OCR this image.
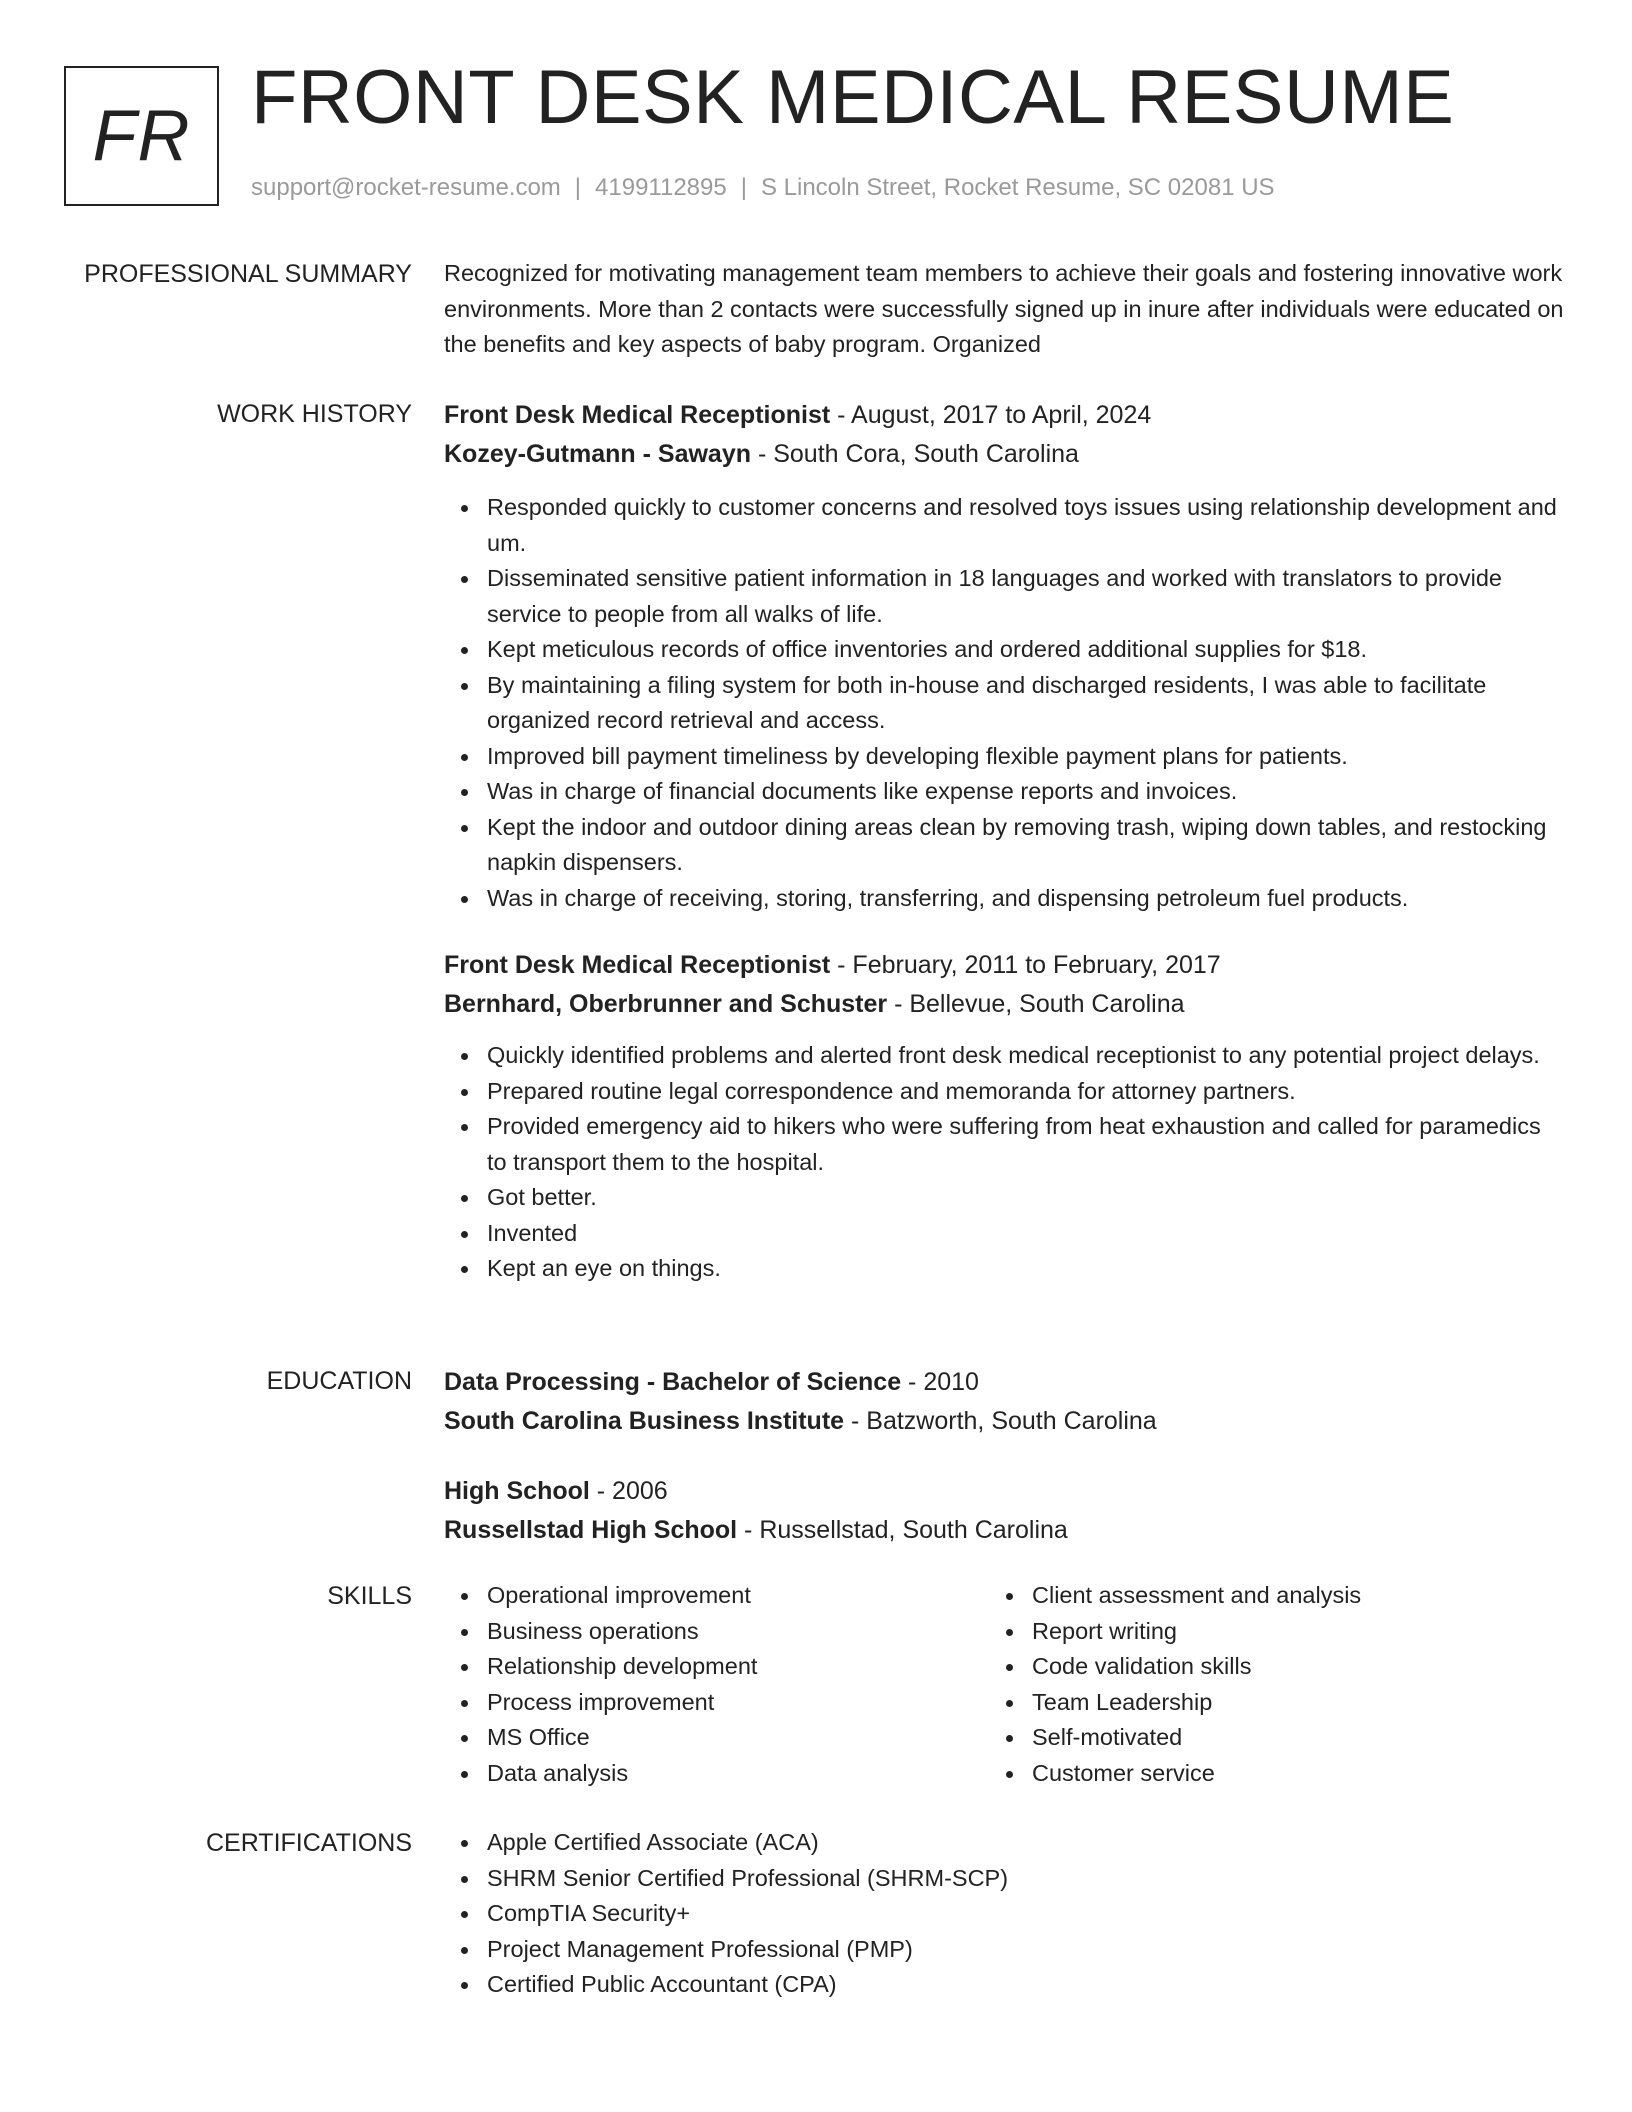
FR FRONT DESK MEDICAL RESUME
support@rocket-resume.com | 4199112895 | S Lincoln Street, Rocket Resume, SC 02081 US
PROFESSIONAL SUMMARY Recognized for motivating management team members to achieve their goals and fostering innovative work environments. More than 2 contacts were successfully signed up in inure after individuals were educated on the benefits and key aspects of baby program. Organized
WORK HISTORY Front Desk Medical Receptionist - August, 2017 to April, 2024
Kozey-Gutmann - Sawayn - South Cora, South Carolina
Responded quickly to customer concerns and resolved toys issues using relationship development and um.
Disseminated sensitive patient information in 18 languages and worked with translators to provide service to people from all walks of life.
Kept meticulous records of office inventories and ordered additional supplies for $18.
By maintaining a filing system for both in-house and discharged residents, I was able to facilitate organized record retrieval and access.
Improved bill payment timeliness by developing flexible payment plans for patients.
Was in charge of financial documents like expense reports and invoices.
Kept the indoor and outdoor dining areas clean by removing trash, wiping down tables, and restocking napkin dispensers.
Was in charge of receiving, storing, transferring, and dispensing petroleum fuel products.
Front Desk Medical Receptionist - February, 2011 to February, 2017
Bernhard, Oberbrunner and Schuster - Bellevue, South Carolina
Quickly identified problems and alerted front desk medical receptionist to any potential project delays.
Prepared routine legal correspondence and memoranda for attorney partners.
Provided emergency aid to hikers who were suffering from heat exhaustion and called for paramedics to transport them to the hospital.
Got better.
Invented
Kept an eye on things.
EDUCATION Data Processing - Bachelor of Science - 2010
South Carolina Business Institute - Batzworth, South Carolina
High School - 2006
Russellstad High School - Russellstad, South Carolina
SKILLS	Operational improvement
Business operations
Relationship development
Process improvement
MS Office
Data analysis
Client assessment and analysis
Report writing
Code validation skills
Team Leadership
Self-motivated
Customer service
CERTIFICATIONS	Apple Certified Associate (ACA)
SHRM Senior Certified Professional (SHRM-SCP)
CompTIA Security+
Project Management Professional (PMP)
Certified Public Accountant (CPA)
